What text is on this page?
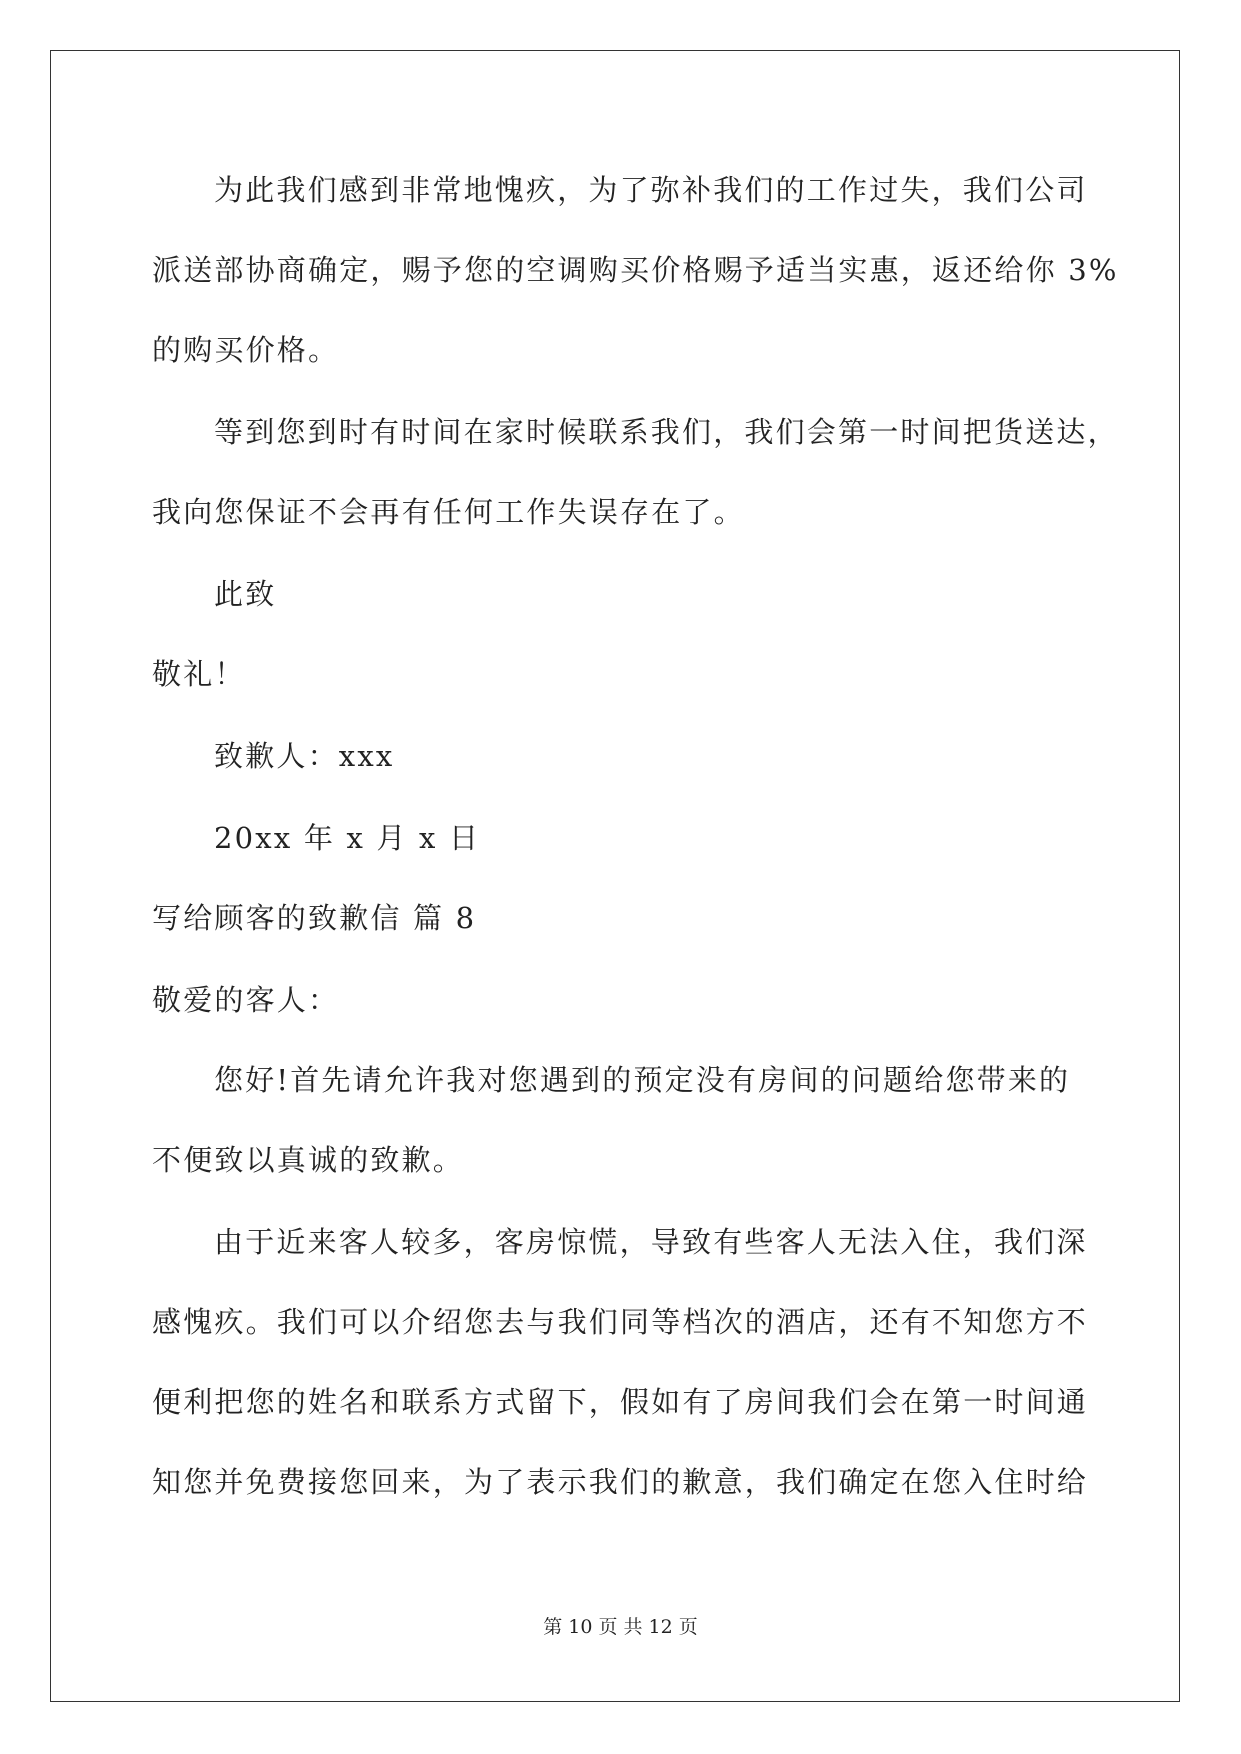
为此我们感到非常地愧疚，为了弥补我们的工作过失，我们公司
派送部协商确定，赐予您的空调购买价格赐予适当实惠，返还给你 3%
的购买价格。
等到您到时有时间在家时候联系我们，我们会第一时间把货送达，
我向您保证不会再有任何工作失误存在了。
此致
敬礼！
致歉人：xxx
20xx 年 x 月 x 日
写给顾客的致歉信 篇 8
敬爱的客人：
您好!首先请允许我对您遇到的预定没有房间的问题给您带来的
不便致以真诚的致歉。
由于近来客人较多，客房惊慌，导致有些客人无法入住，我们深
感愧疚。我们可以介绍您去与我们同等档次的酒店，还有不知您方不
便利把您的姓名和联系方式留下，假如有了房间我们会在第一时间通
知您并免费接您回来，为了表示我们的歉意，我们确定在您入住时给
第 10 页 共 12 页
